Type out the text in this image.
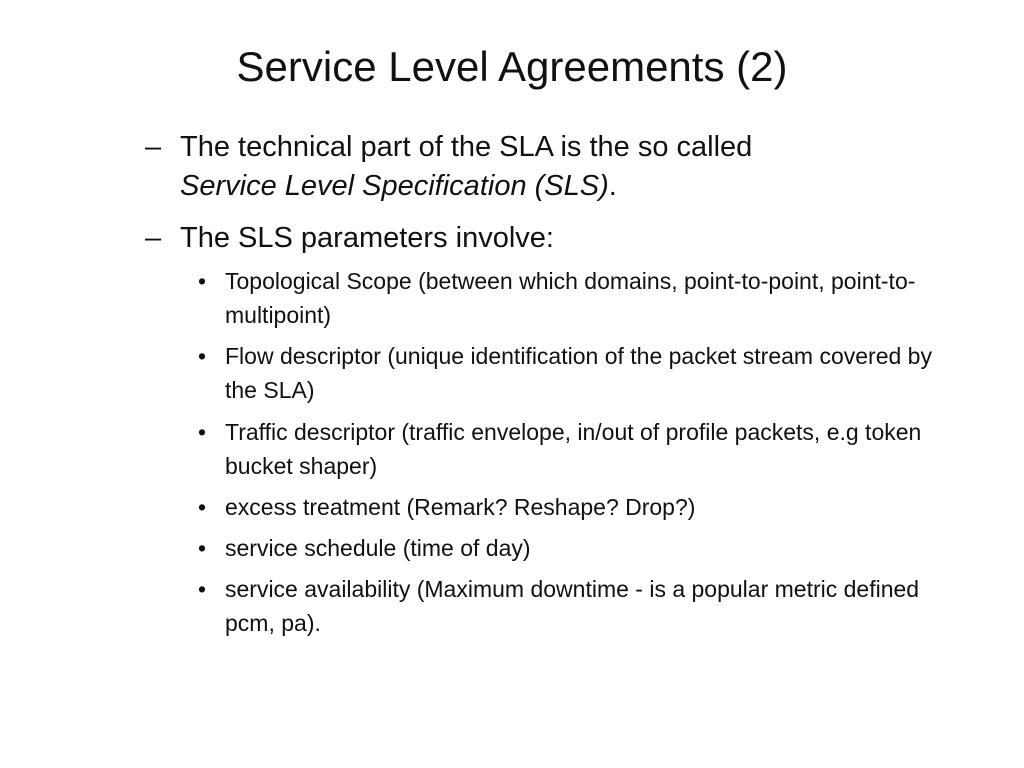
Service Level Agreements (2)
– The technical part of the SLA is the so called
Service Level Specification (SLS).
– The SLS parameters involve:
• Topological Scope (between which domains, point-to-point, point-to-multipoint)
• Flow descriptor (unique identification of the packet stream covered by the SLA)
• Traffic descriptor (traffic envelope, in/out of profile packets, e.g token bucket shaper)
• excess treatment (Remark? Reshape? Drop?)
• service schedule (time of day)
• service availability (Maximum downtime - is a popular metric defined pcm, pa).
